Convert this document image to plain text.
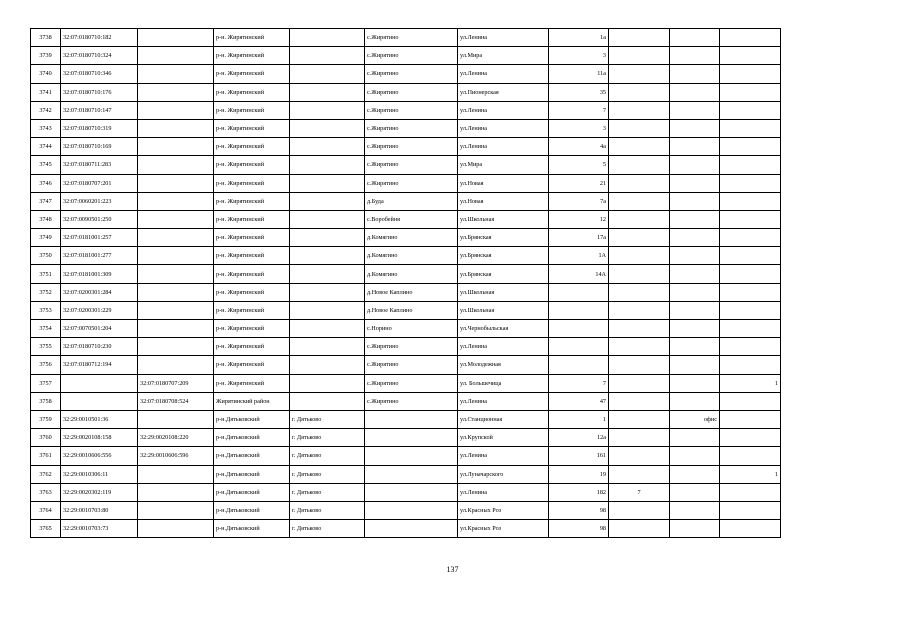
3738	32:07:0180710:182		р-н. Жирятинский		с.Жирятино	ул.Ленина	1а			
3739	32:07:0180710:324		р-н. Жирятинский		с.Жирятино	ул.Мира	3			
3740	32:07:0180710:346		р-н. Жирятинский		с.Жирятино	ул.Ленина	11а			
3741	32:07:0180710:176		р-н. Жирятинский		с.Жирятино	ул.Пионерская	35			
3742	32:07:0180710:147		р-н. Жирятинский		с.Жирятино	ул.Ленина	7			
3743	32:07:0180710:319		р-н. Жирятинский		с.Жирятино	ул.Ленина	3			
3744	32:07:0180710:169		р-н. Жирятинский		с.Жирятино	ул.Ленина	4а			
3745	32:07:0180711:283		р-н. Жирятинский		с.Жирятино	ул.Мира	5			
3746	32:07:0180707:201		р-н. Жирятинский		с.Жирятино	ул.Новая	21			
3747	32:07:0060201:223		р-н. Жирятинский		д.Буда	ул.Новая	7а			
3748	32:07:0090501:250		р-н. Жирятинский		с.Воробейня	ул.Школьная	12			
3749	32:07:0181001:257		р-н. Жирятинский		д.Комягино	ул.Брянская	17а			
3750	32:07:0181001:277		р-н. Жирятинский		д.Комягино	ул.Брянская	1А			
3751	32:07:0181001:309		р-н. Жирятинский		д.Комягино	ул.Брянская	14А			
3752	32:07:0200301:284		р-н. Жирятинский		д.Новое Каплино	ул.Школьная				
3753	32:07:0200301:229		р-н. Жирятинский		д.Новое Каплино	ул.Школьная				
3754	32:07:0070501:204		р-н. Жирятинский		с.Норино	ул.Чернобыльская				
3755	32:07:0180710:230		р-н. Жирятинский		с.Жирятино	ул.Ленина				
3756	32:07:0180712:194		р-н. Жирятинский		с.Жирятино	ул.Молодежная				
3757		32:07:0180707:209	р-н. Жирятинский		с.Жирятино	ул. Большечица	7			1
3758		32:07:0180708:524	Жирятинский район		с.Жирятино	ул.Ленина	47			
3759	32:29:0010501:36		р-н.Дятьковский	г. Дятьково		ул.Станционная	1		офис	
3760	32:29:0020108:158	32:29:0020108:220	р-н.Дятьковский	г. Дятьково		ул.Крупской	12а			
3761	32:29:0010606:556	32:29:0010606:596	р-н.Дятьковский	г. Дятьково		ул.Ленина	161			
3762	32:29:0010306:11		р-н.Дятьковский	г. Дятьково		ул.Луначарского	19			1
3763	32:29:0020302:119		р-н.Дятьковский	г. Дятьково		ул.Ленина	182	7		
3764	32:29:0010703:80		р-н.Дятьковский	г. Дятьково		ул.Красных Роз	98			
3765	32:29:0010703:73		р-н.Дятьковский	г. Дятьково		ул.Красных Роз	98			
137
